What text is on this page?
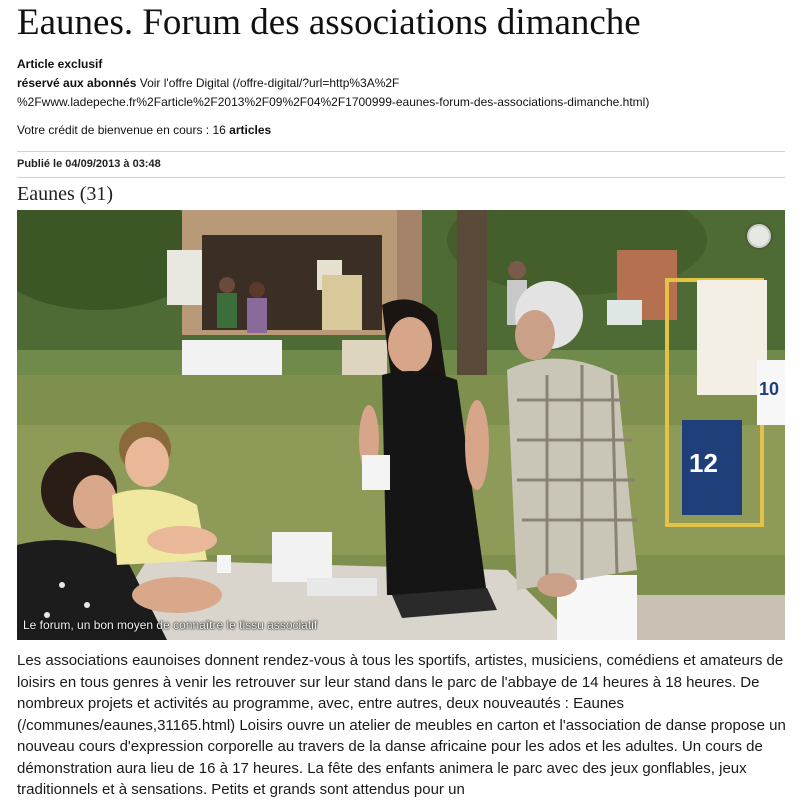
Eaunes. Forum des associations dimanche
Article exclusif
réservé aux abonnés Voir l'offre Digital (/offre-digital/?url=http%3A%2F
%2Fwww.ladepeche.fr%2Farticle%2F2013%2F09%2F04%2F1700999-eaunes-forum-des-associations-dimanche.html)
Votre crédit de bienvenue en cours : 16 articles
Publié le 04/09/2013 à 03:48
Eaunes (31)
12
10
Le forum, un bon moyen de connaître le tissu associatif

Les associations eaunoises donnent rendez-vous à tous les sportifs, artistes, musiciens, comédiens et amateurs de loisirs en tous genres à venir les retrouver sur leur stand dans le parc de l'abbaye de 14 heures à 18 heures. De nombreux projets et activités au programme, avec, entre autres, deux nouveautés : Eaunes (/communes/eaunes,31165.html) Loisirs ouvre un atelier de meubles en carton et l'association de danse propose un nouveau cours d'expression corporelle au travers de la danse africaine pour les ados et les adultes. Un cours de démonstration aura lieu de 16 à 17 heures. La fête des enfants animera le parc avec des jeux gonflables, jeux traditionnels et à sensations. Petits et grands sont attendus pour un
